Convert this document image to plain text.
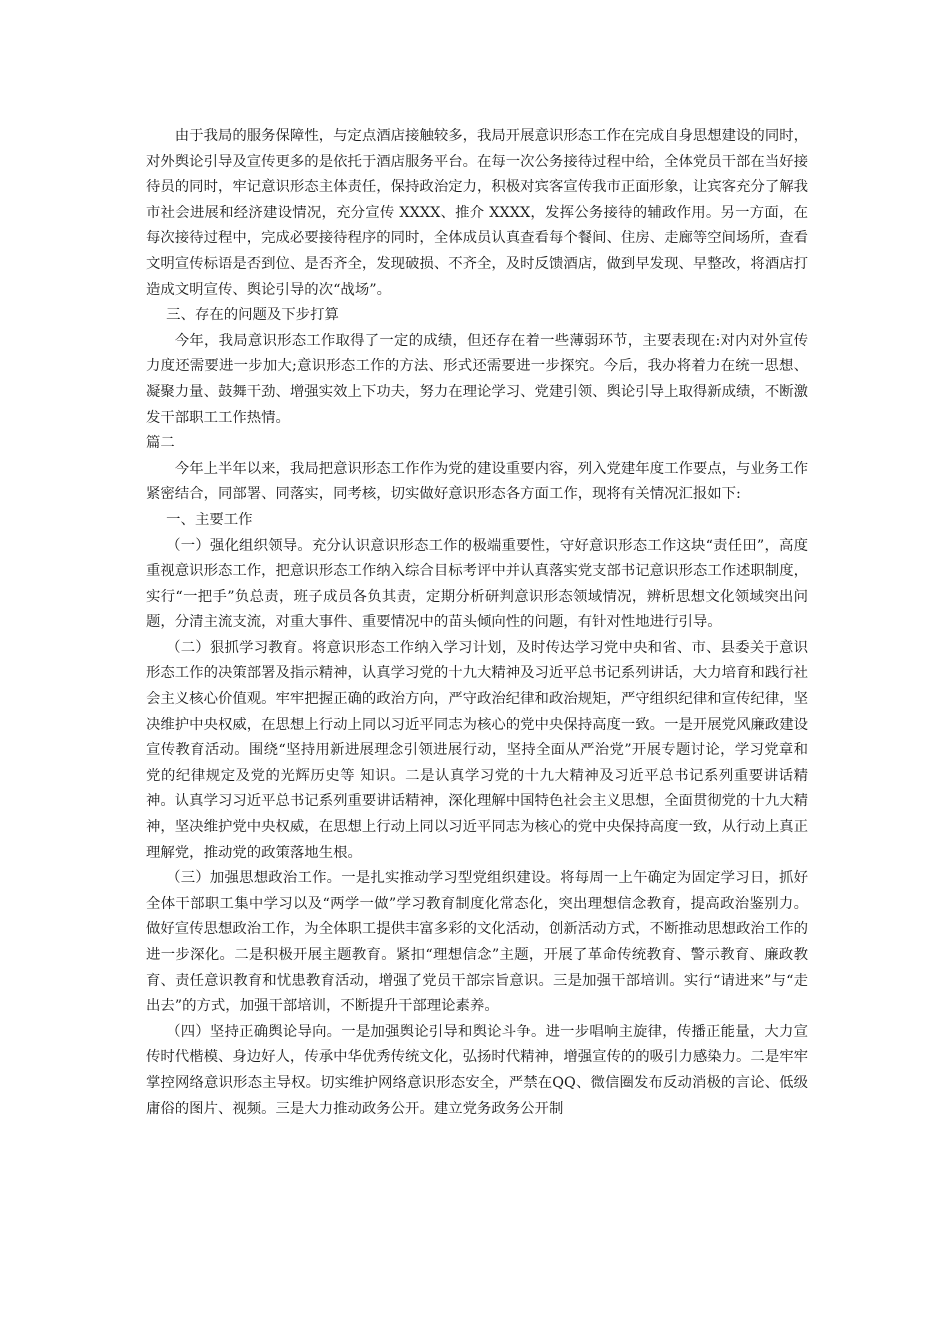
由于我局的服务保障性，与定点酒店接触较多，我局开展意识形态工作在完成自身思想建设的同时，对外舆论引导及宣传更多的是依托于酒店服务平台。在每一次公务接待过程中给，全体党员干部在当好接待员的同时，牢记意识形态主体责任，保持政治定力，积极对宾客宣传我市正面形象，让宾客充分了解我市社会进展和经济建设情况，充分宣传 XXXX、推介 XXXX，发挥公务接待的辅政作用。另一方面，在每次接待过程中，完成必要接待程序的同时，全体成员认真查看每个餐间、住房、走廊等空间场所，查看文明宣传标语是否到位、是否齐全，发现破损、不齐全，及时反馈酒店，做到早发现、早整改，将酒店打造成文明宣传、舆论引导的次“战场”。

三、存在的问题及下步打算

今年，我局意识形态工作取得了一定的成绩，但还存在着一些薄弱环节，主要表现在:对内对外宣传力度还需要进一步加大;意识形态工作的方法、形式还需要进一步探究。今后，我办将着力在统一思想、凝聚力量、鼓舞干劲、增强实效上下功夫，努力在理论学习、党建引领、舆论引导上取得新成绩，不断激发干部职工工作热情。

篇二

今年上半年以来，我局把意识形态工作作为党的建设重要内容，列入党建年度工作要点，与业务工作紧密结合，同部署、同落实，同考核，切实做好意识形态各方面工作，现将有关情况汇报如下:

一、主要工作

（一）强化组织领导。充分认识意识形态工作的极端重要性，守好意识形态工作这块“责任田”，高度重视意识形态工作，把意识形态工作纳入综合目标考评中并认真落实党支部书记意识形态工作述职制度，实行“一把手”负总责，班子成员各负其责，定期分析研判意识形态领域情况，辨析思想文化领域突出问题，分清主流支流，对重大事件、重要情况中的苗头倾向性的问题，有针对性地进行引导。

（二）狠抓学习教育。将意识形态工作纳入学习计划，及时传达学习党中央和省、市、县委关于意识形态工作的决策部署及指示精神，认真学习党的十九大精神及习近平总书记系列讲话，大力培育和践行社会主义核心价值观。牢牢把握正确的政治方向，严守政治纪律和政治规矩，严守组织纪律和宣传纪律，坚决维护中央权威，在思想上行动上同以习近平同志为核心的党中央保持高度一致。一是开展党风廉政建设宣传教育活动。围绕“坚持用新进展理念引领进展行动，坚持全面从严治党”开展专题讨论，学习党章和党的纪律规定及党的光辉历史等 知识。二是认真学习党的十九大精神及习近平总书记系列重要讲话精神。认真学习习近平总书记系列重要讲话精神，深化理解中国特色社会主义思想，全面贯彻党的十九大精神，坚决维护党中央权威，在思想上行动上同以习近平同志为核心的党中央保持高度一致，从行动上真正理解党，推动党的政策落地生根。

（三）加强思想政治工作。一是扎实推动学习型党组织建设。将每周一上午确定为固定学习日，抓好全体干部职工集中学习以及“两学一做”学习教育制度化常态化，突出理想信念教育，提高政治鉴别力。做好宣传思想政治工作，为全体职工提供丰富多彩的文化活动，创新活动方式，不断推动思想政治工作的进一步深化。二是积极开展主题教育。紧扣“理想信念”主题，开展了革命传统教育、警示教育、廉政教育、责任意识教育和忧患教育活动，增强了党员干部宗旨意识。三是加强干部培训。实行“请进来”与“走出去”的方式，加强干部培训，不断提升干部理论素养。

（四）坚持正确舆论导向。一是加强舆论引导和舆论斗争。进一步唱响主旋律，传播正能量，大力宣传时代楷模、身边好人，传承中华优秀传统文化，弘扬时代精神，增强宣传的的吸引力感染力。二是牢牢掌控网络意识形态主导权。切实维护网络意识形态安全，严禁在QQ、微信圈发布反动消极的言论、低级庸俗的图片、视频。三是大力推动政务公开。建立党务政务公开制
